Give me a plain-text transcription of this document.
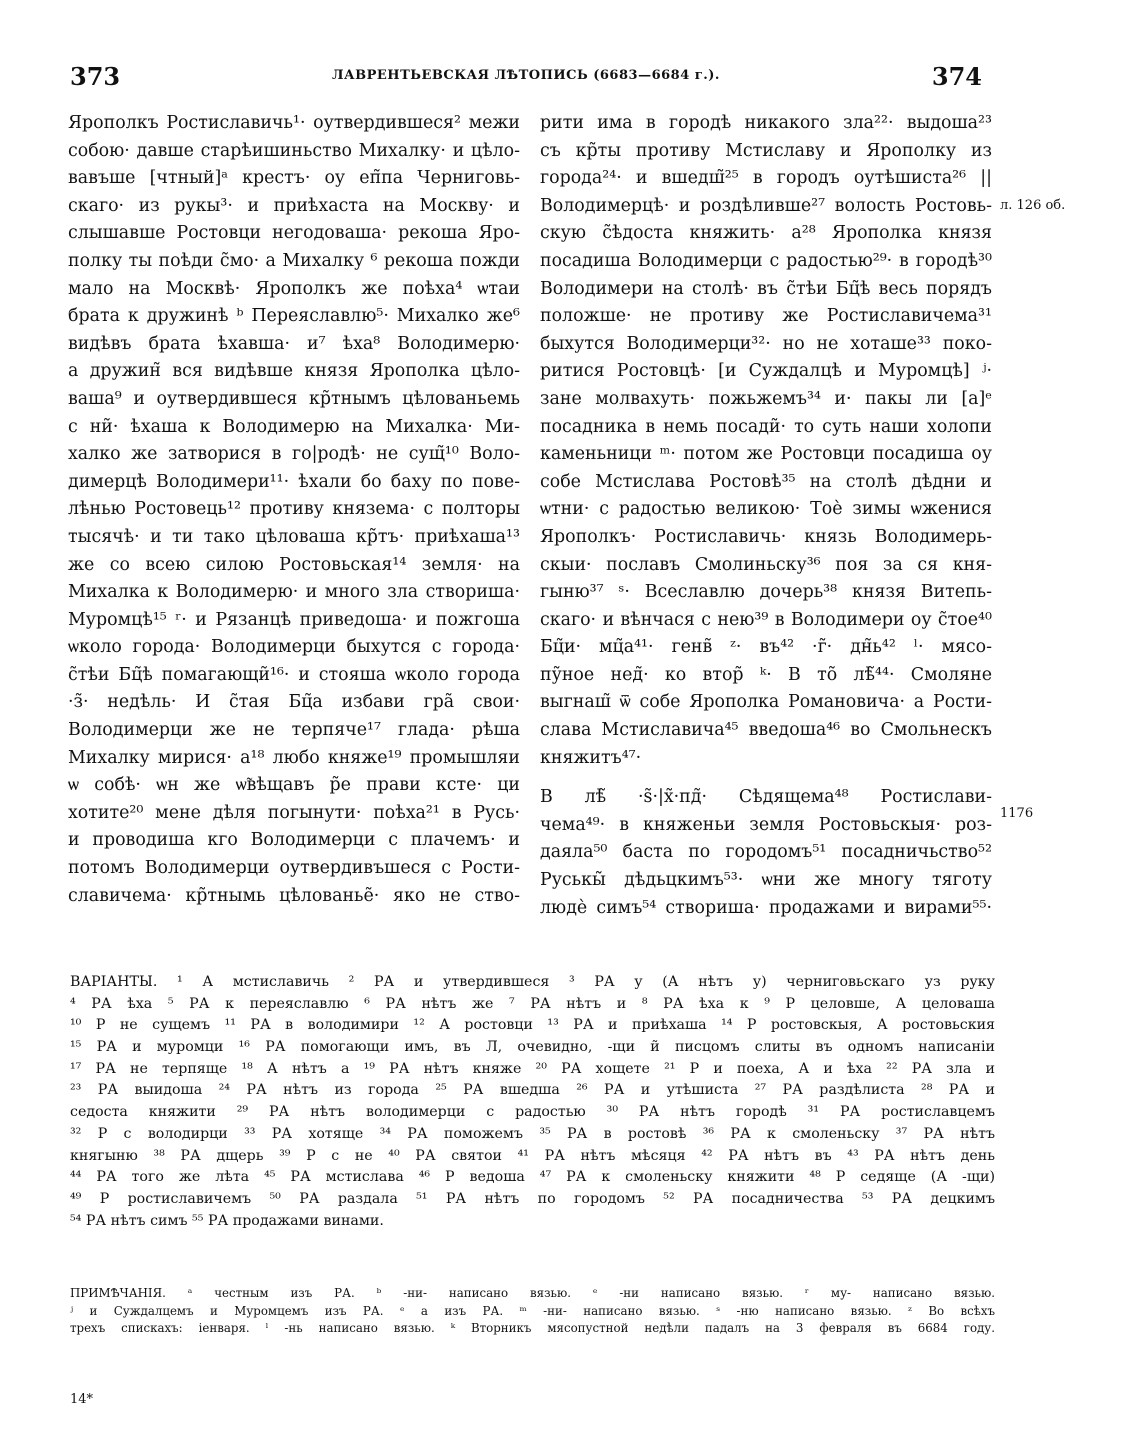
373	ЛАВРЕНТЬЕВСКАЯ ЛѢТОПИСЬ (6683—6684 г.).	374
Ярополкъ Ростиславичь¹· оутвердившеся² межи
собою· давше старѣишиньство Михалку· и цѣло-
вавъше [чтный]ᵃ крестъ· оу еп̃па Черниговь-
скаго· из рукы³· и приѣхаста на Москву· и
слышавше Ростовци негодоваша· рекоша Яро-
полку ты поѣди с̃мо· а Михалку ⁶ рекоша пожди
мало на Москвѣ· Ярополкъ же поѣха⁴ ѡтаи
брата к дружинѣ ᵇ Переяславлю⁵· Михалко же⁶
видѣвъ брата ѣхавша· и⁷ ѣха⁸ Володимерю·
а дружин̃ вся видѣвше князя Ярополка цѣло-
ваша⁹ и оутвердившеся кр̃тнымъ цѣлованьемь
с ни̃· ѣхаша к Володимерю на Михалка· Ми-
халко же затворися в го|родѣ· не сущ̃¹⁰ Воло-
димерцѣ Володимери¹¹· ѣхали бо баху по повe-
лѣнью Ростовець¹² противу князема· с полторы
тысячѣ· и ти тако цѣловаша кр̃тъ· приѣхаша¹³
же со всею силою Ростовьская¹⁴ земля· на
Михалка к Володимерю· и много зла створиша·
Муромцѣ¹⁵ ʳ· и Рязанцѣ приведоша· и пожгоша
ѡколо города· Володимерци быхутся с города·
с̃тѣи Бц̃ѣ помагающи̃¹⁶· и стояша ѡколо города
·з̃· недѣль· И с̃тая Бц̃а избави гра̃ свои·
Володимерци же не терпяче¹⁷ глада· рѣша
Михалку мирися· а¹⁸ любо княже¹⁹ промышляи
ѡ собѣ· ѡн же ѡ̃вѣщавъ р̃е прави ксте· ци
хотите²⁰ мене дѣля погынути· поѣха²¹ в Русь·
и проводиша кго Володимерци с плачемъ· и
потомъ Володимерци оутвердивъшеся с Рости-
славичема· кр̃тнымь цѣлованье̃· яко не ство-
рити има в городѣ никакого зла²²· выдоша²³
съ кр̃ты противу Мстиславу и Ярополку из
города²⁴· и вшедш̃²⁵ в городъ оутѣшиста²⁶ ||
Володимерцѣ· и роздѣливше²⁷ волость Ростовь-
скую с̃ѣдоста княжить· а²⁸ Ярополка князя
посадиша Володимерци с радостью²⁹· в городѣ³⁰
Володимери на столѣ· въ с̃тѣи Бц̃ѣ весь порядъ
положше· не противу же Ростиславичема³¹
быхутся Володимерци³²· но не хоташе³³ поко-
ритися Ростовцѣ· [и Суждалцѣ и Муромцѣ] ʲ·
зане молвахуть· пожьжемъ³⁴ и· пакы ли [а]ᵉ
посадника в немь посади̃· то суть наши холопи
каменьници ᵐ· потом же Ростовци посадиша оу
собе Мстислава Ростовѣ³⁵ на столѣ дѣдни и
ѡтни· с радостью великою· Тоѐ зимы ѡженися
Ярополкъ· Ростиславичь· князь Володимерь-
скыи· пославъ Смолиньску³⁶ поя за ся кня-
гыню³⁷ ˢ· Всеславлю дочерь³⁸ князя Витепь-
скаго· и вѣнчася с нею³⁹ в Володимери оу с̃тое⁴⁰
Бц̃и· мц̃а⁴¹· генв̃ ᶻ· въ⁴² ·г̃· дн̃ь⁴² ˡ· мясо-
пу̃ное нед̃· ко втор̃ ᵏ· В то̃ лѣ̃⁴⁴· Смоляне
выгнаш̃ ѿ собе Ярополка Романовича· а Рости-
слава Мстиславича⁴⁵ введоша⁴⁶ во Смольнескъ
княжитъ⁴⁷·
В лѣ̃ ·s̃·|х̃·пд̃· Сѣдящема⁴⁸ Ростислави-
чема⁴⁹· в княженьи земля Ростовьскыя· роз-
даяла⁵⁰ баста по городомъ⁵¹ посадничьство⁵²
Руськы̃ дѣдьцкимъ⁵³· ѡни же многу тяготу
людѐ симъ⁵⁴ створиша· продажами и вирами⁵⁵·
л. 126 об.
1176
ВАРІАНТЫ. ¹ А мстиславичь ² РА и утвердившеся ³ РА у (А нѣтъ у) черниговьскаго уз руку
⁴ РА ѣха ⁵ РА к переяславлю ⁶ РА нѣтъ же ⁷ РА нѣтъ и ⁸ РА ѣха к ⁹ Р целовше, А целоваша
¹⁰ Р не сущемъ ¹¹ РА в володимири ¹² А ростовци ¹³ РА и приѣхаша ¹⁴ Р ростовскыя, А ростовьския
¹⁵ РА и муромци ¹⁶ РА помогающи имъ, въ Л, очевидно, -щи и̃ писцомъ слиты въ одномъ написаніи
¹⁷ РА не терпяще ¹⁸ А нѣтъ а ¹⁹ РА нѣтъ княже ²⁰ РА хощете ²¹ Р и поеха, А и ѣха ²² РА зла и
²³ РА выидоша ²⁴ РА нѣтъ из города ²⁵ РА вшедша ²⁶ РА и утѣшиста ²⁷ РА раздѣлиста ²⁸ РА и
седоста княжити ²⁹ РА нѣтъ володимерци с радостью ³⁰ РА нѣтъ городѣ ³¹ РА ростиславцемъ
³² Р с володирци ³³ РА хотяще ³⁴ РА поможемъ ³⁵ РА в ростовѣ ³⁶ РА к смоленьску ³⁷ РА нѣтъ
княгыню ³⁸ РА дщерь ³⁹ Р с не ⁴⁰ РА святои ⁴¹ РА нѣтъ мѣсяця ⁴² РА нѣтъ въ ⁴³ РА нѣтъ день
⁴⁴ РА того же лѣта ⁴⁵ РА мстислава ⁴⁶ Р ведоша ⁴⁷ РА к смоленьску княжити ⁴⁸ Р седяще (А -щи)
⁴⁹ Р ростиславичемъ ⁵⁰ РА раздала ⁵¹ РА нѣтъ по городомъ ⁵² РА посадничества ⁵³ РА децкимъ
⁵⁴ РА нѣтъ симъ ⁵⁵ РА продажами винами.
ПРИМѢЧАНІЯ. ᵃ честным изъ РА. ᵇ -ни- написано вязью. ᵉ -ни написано вязью. ʳ му- написано вязью.
ʲ и Суждалцемъ и Муромцемъ изъ РА. ᵉ а изъ РА. ᵐ -ни- написано вязью. ˢ -ню написано вязью. ᶻ Во всѣхъ
трехъ спискахъ: іенваря. ˡ -нь написано вязью. ᵏ Вторникъ мясопустной недѣли падалъ на 3 февраля въ 6684 году.
14*
